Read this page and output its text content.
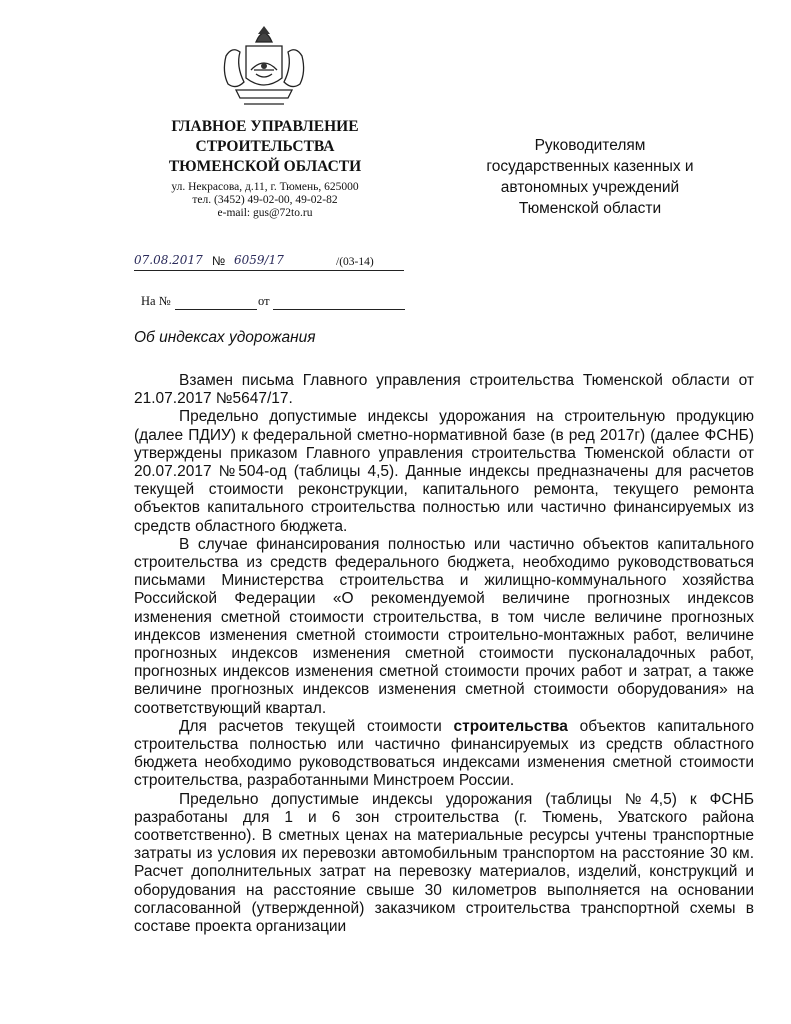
ГЛАВНОЕ УПРАВЛЕНИЕ
СТРОИТЕЛЬСТВА
ТЮМЕНСКОЙ ОБЛАСТИ
ул. Некрасова, д.11, г. Тюмень, 625000
тел. (3452) 49-02-00, 49-02-82
e-mail: gus@72to.ru
Руководителям
государственных казенных и
автономных учреждений
Тюменской области
07.08.2017 № 6059/17	/(03-14)
На №	от
Об индексах удорожания

Взамен письма Главного управления строительства Тюменской области от 21.07.2017 №5647/17.

Предельно допустимые индексы удорожания на строительную продукцию (далее ПДИУ) к федеральной сметно-нормативной базе (в ред 2017г) (далее ФСНБ) утверждены приказом Главного управления строительства Тюменской области от 20.07.2017 №504-од (таблицы 4,5). Данные индексы предназначены для расчетов текущей стоимости реконструкции, капитального ремонта, текущего ремонта объектов капитального строительства полностью или частично финансируемых из средств областного бюджета.

В случае финансирования полностью или частично объектов капитального строительства из средств федерального бюджета, необходимо руководствоваться письмами Министерства строительства и жилищно-коммунального хозяйства Российской Федерации «О рекомендуемой величине прогнозных индексов изменения сметной стоимости строительства, в том числе величине прогнозных индексов изменения сметной стоимости строительно-монтажных работ, величине прогнозных индексов изменения сметной стоимости пусконаладочных работ, прогнозных индексов изменения сметной стоимости прочих работ и затрат, а также величине прогнозных индексов изменения сметной стоимости оборудования» на соответствующий квартал.

Для расчетов текущей стоимости строительства объектов капитального строительства полностью или частично финансируемых из средств областного бюджета необходимо руководствоваться индексами изменения сметной стоимости строительства, разработанными Минстроем России.

Предельно допустимые индексы удорожания (таблицы №4,5) к ФСНБ разработаны для 1 и 6 зон строительства (г. Тюмень, Уватского района соответственно). В сметных ценах на материальные ресурсы учтены транспортные затраты из условия их перевозки автомобильным транспортом на расстояние 30 км. Расчет дополнительных затрат на перевозку материалов, изделий, конструкций и оборудования на расстояние свыше 30 километров выполняется на основании согласованной (утвержденной) заказчиком строительства транспортной схемы в составе проекта организации
